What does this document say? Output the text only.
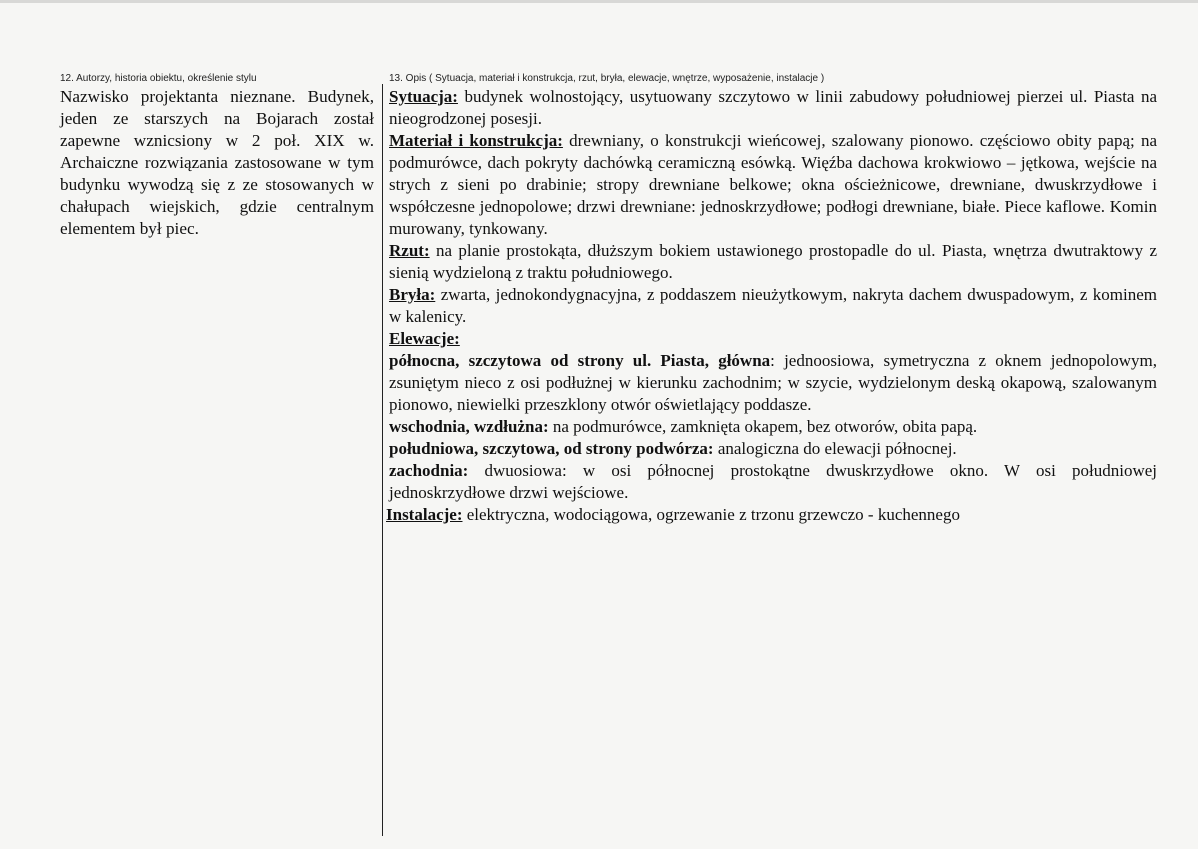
12. Autorzy, historia obiektu, określenie stylu

Nazwisko projektanta nieznane. Budynek, jeden ze starszych na Bojarach został zapewne wznicsiony w 2 poł. XIX w. Archaiczne rozwiązania zastosowane w tym budynku wywodzą się z ze stosowanych w chałupach wiejskich, gdzie centralnym elementem był piec.

13. Opis ( Sytuacja, materiał i konstrukcja, rzut, bryła, elewacje, wnętrze, wyposażenie, instalacje )

Sytuacja: budynek wolnostojący, usytuowany szczytowo w linii zabudowy południowej pierzei ul. Piasta na nieogrodzonej posesji.

Materiał i konstrukcja: drewniany, o konstrukcji wieńcowej, szalowany pionowo. częściowo obity papą; na podmurówce, dach pokryty dachówką ceramiczną esówką. Więźba dachowa krokwiowo – jętkowa, wejście na strych z sieni po drabinie; stropy drewniane belkowe; okna ościeżnicowe, drewniane, dwuskrzydłowe i współczesne jednopolowe; drzwi drewniane: jednoskrzydłowe; podłogi drewniane, białe. Piece kaflowe. Komin murowany, tynkowany.

Rzut: na planie prostokąta, dłuższym bokiem ustawionego prostopadle do ul. Piasta, wnętrza dwutraktowy z sienią wydzieloną z traktu południowego.

Bryła: zwarta, jednokondygnacyjna, z poddaszem nieużytkowym, nakryta dachem dwuspadowym, z kominem w kalenicy.

Elewacje:

północna, szczytowa od strony ul. Piasta, główna: jednoosiowa, symetryczna z oknem jednopolowym, zsuniętym nieco z osi podłużnej w kierunku zachodnim; w szycie, wydzielonym deską okapową, szalowanym pionowo, niewielki przeszklony otwór oświetlający poddasze.

wschodnia, wzdłużna: na podmurówce, zamknięta okapem, bez otworów, obita papą.

południowa, szczytowa, od strony podwórza: analogiczna do elewacji północnej.

zachodnia: dwuosiowa: w osi północnej prostokątne dwuskrzydłowe okno. W osi południowej jednoskrzydłowe drzwi wejściowe.

Instalacje: elektryczna, wodociągowa, ogrzewanie z trzonu grzewczo - kuchennego
